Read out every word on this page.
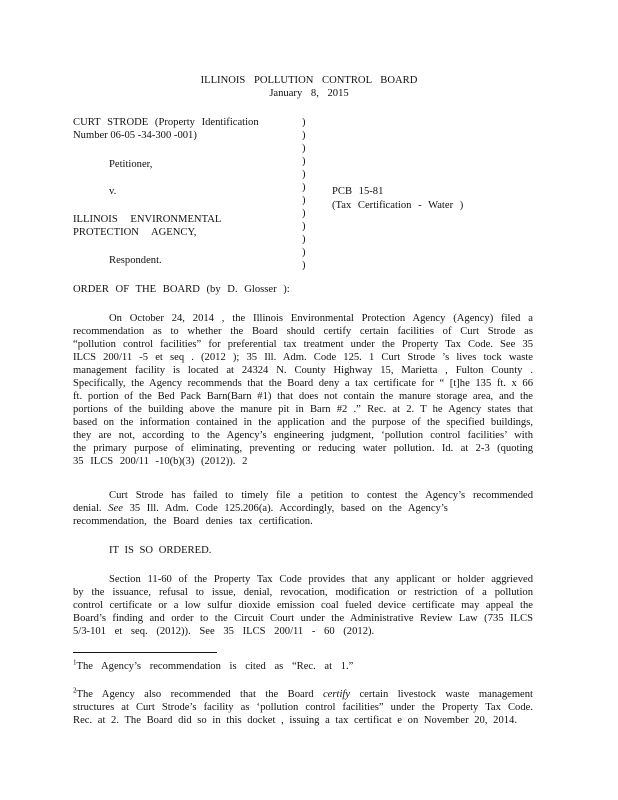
ILLINOIS POLLUTION CONTROL BOARD
January 8, 2015
CURT STRODE (Property Identification
Number 06-05 -34-300 -001)
Petitioner,
v.
ILLINOIS ENVIRONMENTAL
PROTECTION AGENCY,
Respondent.
)
)
)
)
)
)
)
)
)
)
)
)
PCB 15-81
(Tax Certification - Water )
ORDER OF THE BOARD (by D. Glosser ):
On October 24, 2014 , the Illinois Environmental Protection Agency (Agency) filed a
recommendation as to whether the Board should certify certain facilities of Curt Strode as
“pollution control facilities” for preferential tax treatment under the Property Tax Code. See 35
ILCS 200/11 -5 et seq . (2012 ); 35 Ill. Adm. Code 125. 1 Curt Strode ’s lives tock waste
management facility is located at 24324 N. County Highway 15, Marietta , Fulton County .
Specifically, the Agency recommends that the Board deny a tax certificate for “ [t]he 135 ft. x 66
ft. portion of the Bed Pack Barn(Barn #1) that does not contain the manure storage area, and the
portions of the building above the manure pit in Barn #2 .” Rec. at 2. T he Agency states that
based on the information contained in the application and the purpose of the specified buildings,
they are not, according to the Agency’s engineering judgment, ‘pollution control facilities’ with
the primary purpose of eliminating, preventing or reducing water pollution. Id. at 2-3 (quoting
35 ILCS 200/11 -10(b)(3) (2012)). 2
Curt Strode has failed to timely file a petition to contest the Agency’s recommended
denial. See 35 Ill. Adm. Code 125.206(a). Accordingly, based on the Agency’s
recommendation, the Board denies tax certification.
IT IS SO ORDERED.
Section 11-60 of the Property Tax Code provides that any applicant or holder aggrieved
by the issuance, refusal to issue, denial, revocation, modification or restriction of a pollution
control certificate or a low sulfur dioxide emission coal fueled device certificate may appeal the
Board’s finding and order to the Circuit Court under the Administrative Review Law (735 ILCS
5/3-101 et seq. (2012)). See 35 ILCS 200/11 - 60 (2012).
$^1$The Agency’s recommendation is cited as “Rec. at 1.”
$^2$The Agency also recommended that the Board certify certain livestock waste management
structures at Curt Strode’s facility as ‘pollution control facilities” under the Property Tax Code.
Rec. at 2. The Board did so in this docket , issuing a tax certificat e on November 20, 2014.
